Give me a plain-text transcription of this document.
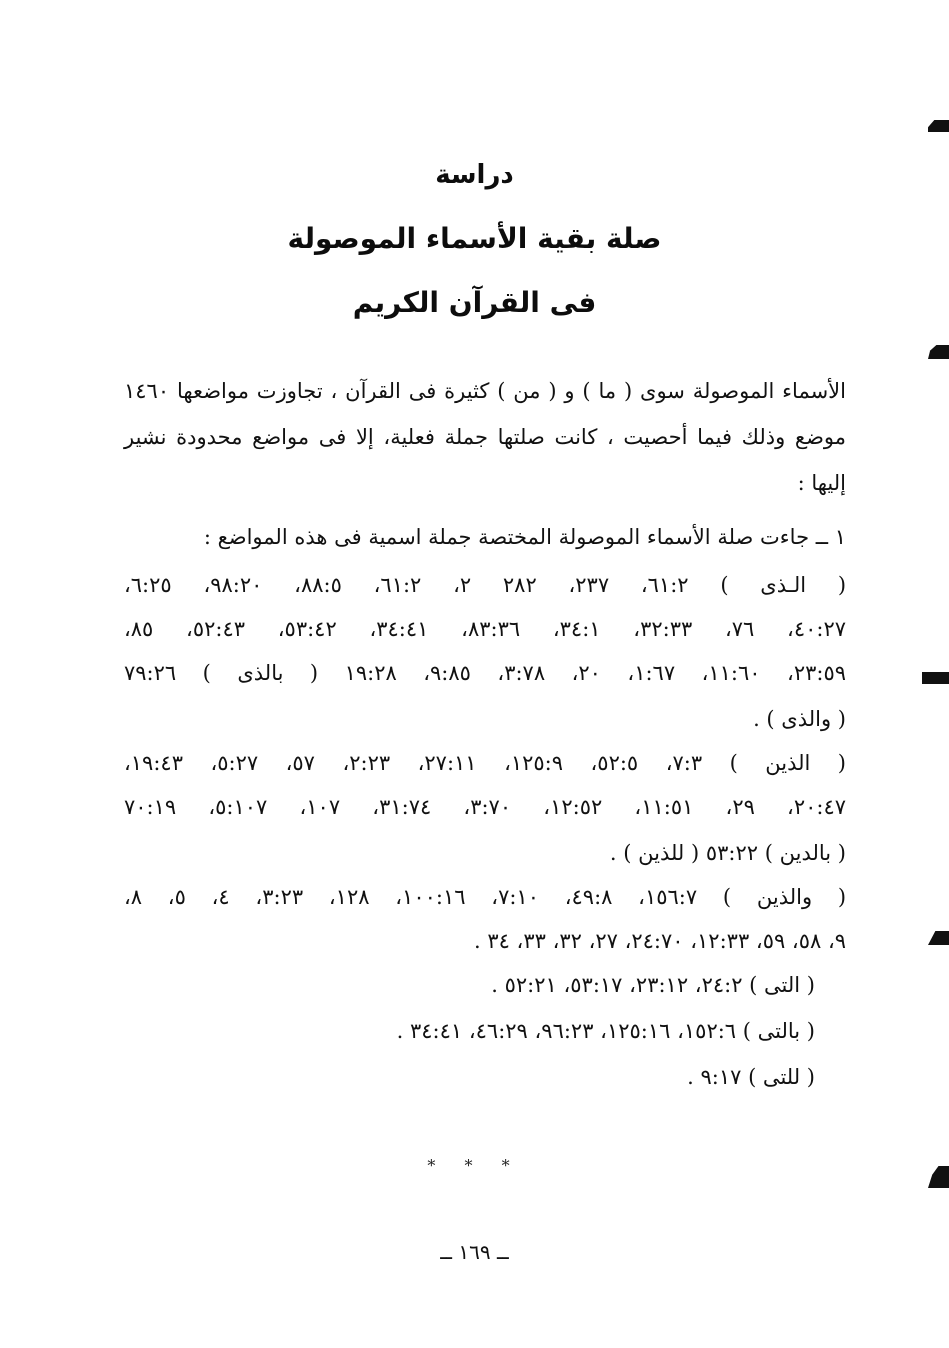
دراسة
صلة بقية الأسماء الموصولة
فى القرآن الكريم
الأسماء الموصولة سوى ( ما ) و ( من ) كثيرة فى القرآن ، تجاوزت مواضعها ١٤٦٠ موضع وذلك فيما أحصيت ، كانت صلتها جملة فعلية، إلا فى مواضع محدودة نشير إليها :
١ ــ جاءت صلة الأسماء الموصولة المختصة جملة اسمية فى هذه المواضع :
( الـذى ) ٦١:٢، ٢٣٧، ٢٨٢ ٢، ٦١:٢، ٨٨:٥، ٩٨:٢٠، ٦:٢٥،
٤٠:٢٧، ٧٦، ٣٢:٣٣، ٣٤:١، ٨٣:٣٦، ٣٤:٤١، ٥٣:٤٢، ٥٢:٤٣، ٨٥،
٢٣:٥٩، ١١:٦٠، ١:٦٧، ٢٠، ٣:٧٨، ٩:٨٥، ١٩:٢٨ ( بالذى ) ٧٩:٢٦
( والذى ) .
( الذين ) ٧:٣، ٥٢:٥، ١٢٥:٩، ٢٧:١١، ٢:٢٣، ٥٧، ٥:٢٧، ١٩:٤٣،
٢٠:٤٧، ٢٩، ١١:٥١، ١٢:٥٢، ٣:٧٠، ٣١:٧٤، ١٠٧، ٥:١٠٧، ٧٠:١٩
( بالدين ) ٥٣:٢٢ ( للذين ) .
( والذين ) ١٥٦:٧، ٤٩:٨، ٧:١٠، ١٠٠:١٦، ١٢٨، ٣:٢٣، ٤، ٥، ٨،
٩، ٥٨، ٥٩، ١٢:٣٣، ٢٤:٧٠، ٢٧، ٣٢، ٣٣، ٣٤ .
( التى ) ٢٤:٢، ٢٣:١٢، ٥٣:١٧، ٥٢:٢١ .
( بالتى ) ١٥٢:٦، ١٢٥:١٦، ٩٦:٢٣، ٤٦:٢٩، ٣٤:٤١ .
( للتى ) ٩:١٧ .
* * *
ــ ١٦٩ ــ
